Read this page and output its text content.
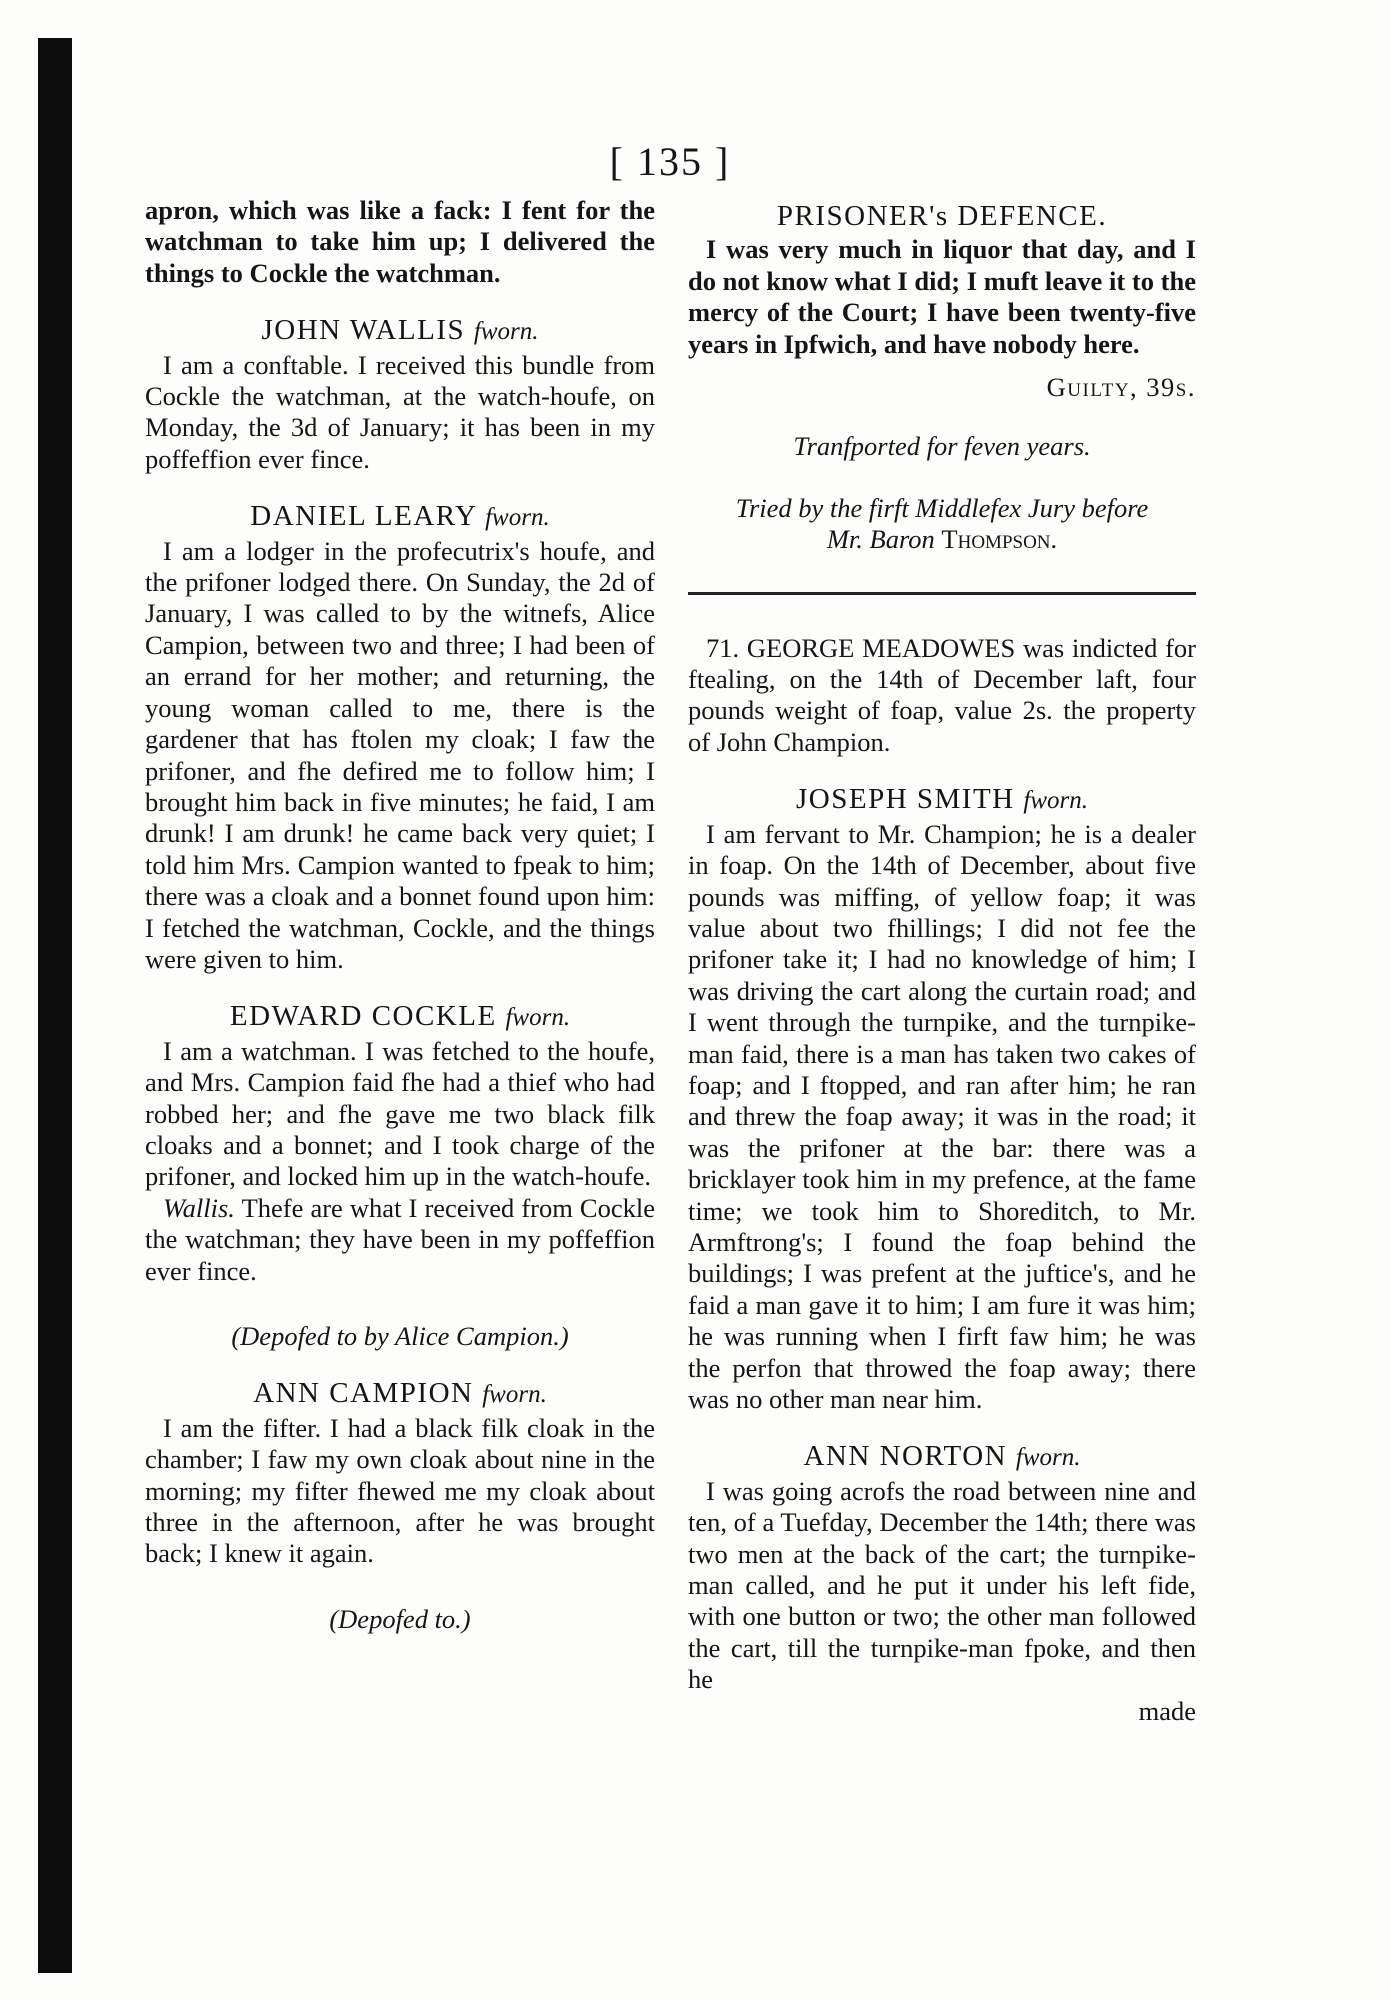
[ 135 ]

apron, which was like a fack: I fent for the watchman to take him up; I delivered the things to Cockle the watchman.

JOHN WALLIS fworn.

I am a conftable. I received this bundle from Cockle the watchman, at the watch-houfe, on Monday, the 3d of January; it has been in my poffeffion ever fince.

DANIEL LEARY fworn.

I am a lodger in the profecutrix's houfe, and the prifoner lodged there. On Sunday, the 2d of January, I was called to by the witnefs, Alice Campion, between two and three; I had been of an errand for her mother; and returning, the young woman called to me, there is the gardener that has ftolen my cloak; I faw the prifoner, and fhe defired me to follow him; I brought him back in five minutes; he faid, I am drunk! I am drunk! he came back very quiet; I told him Mrs. Campion wanted to fpeak to him; there was a cloak and a bonnet found upon him: I fetched the watchman, Cockle, and the things were given to him.

EDWARD COCKLE fworn.

I am a watchman. I was fetched to the houfe, and Mrs. Campion faid fhe had a thief who had robbed her; and fhe gave me two black filk cloaks and a bonnet; and I took charge of the prifoner, and locked him up in the watch-houfe.

Wallis. Thefe are what I received from Cockle the watchman; they have been in my poffeffion ever fince.

(Depofed to by Alice Campion.)

ANN CAMPION fworn.

I am the fifter. I had a black filk cloak in the chamber; I faw my own cloak about nine in the morning; my fifter fhewed me my cloak about three in the afternoon, after he was brought back; I knew it again.

(Depofed to.)

PRISONER's DEFENCE.

I was very much in liquor that day, and I do not know what I did; I muft leave it to the mercy of the Court; I have been twenty-five years in Ipfwich, and have nobody here.

Guilty, 39s.

Tranfported for feven years.

Tried by the firft Middlefex Jury before

Mr. Baron Thompson.

71. GEORGE MEADOWES was indicted for ftealing, on the 14th of December laft, four pounds weight of foap, value 2s. the property of John Champion.

JOSEPH SMITH fworn.

I am fervant to Mr. Champion; he is a dealer in foap. On the 14th of December, about five pounds was miffing, of yellow foap; it was value about two fhillings; I did not fee the prifoner take it; I had no knowledge of him; I was driving the cart along the curtain road; and I went through the turnpike, and the turnpike-man faid, there is a man has taken two cakes of foap; and I ftopped, and ran after him; he ran and threw the foap away; it was in the road; it was the prifoner at the bar: there was a bricklayer took him in my prefence, at the fame time; we took him to Shoreditch, to Mr. Armftrong's; I found the foap behind the buildings; I was prefent at the juftice's, and he faid a man gave it to him; I am fure it was him; he was running when I firft faw him; he was the perfon that throwed the foap away; there was no other man near him.

ANN NORTON fworn.

I was going acrofs the road between nine and ten, of a Tuefday, December the 14th; there was two men at the back of the cart; the turnpike-man called, and he put it under his left fide, with one button or two; the other man followed the cart, till the turnpike-man fpoke, and then he

made
